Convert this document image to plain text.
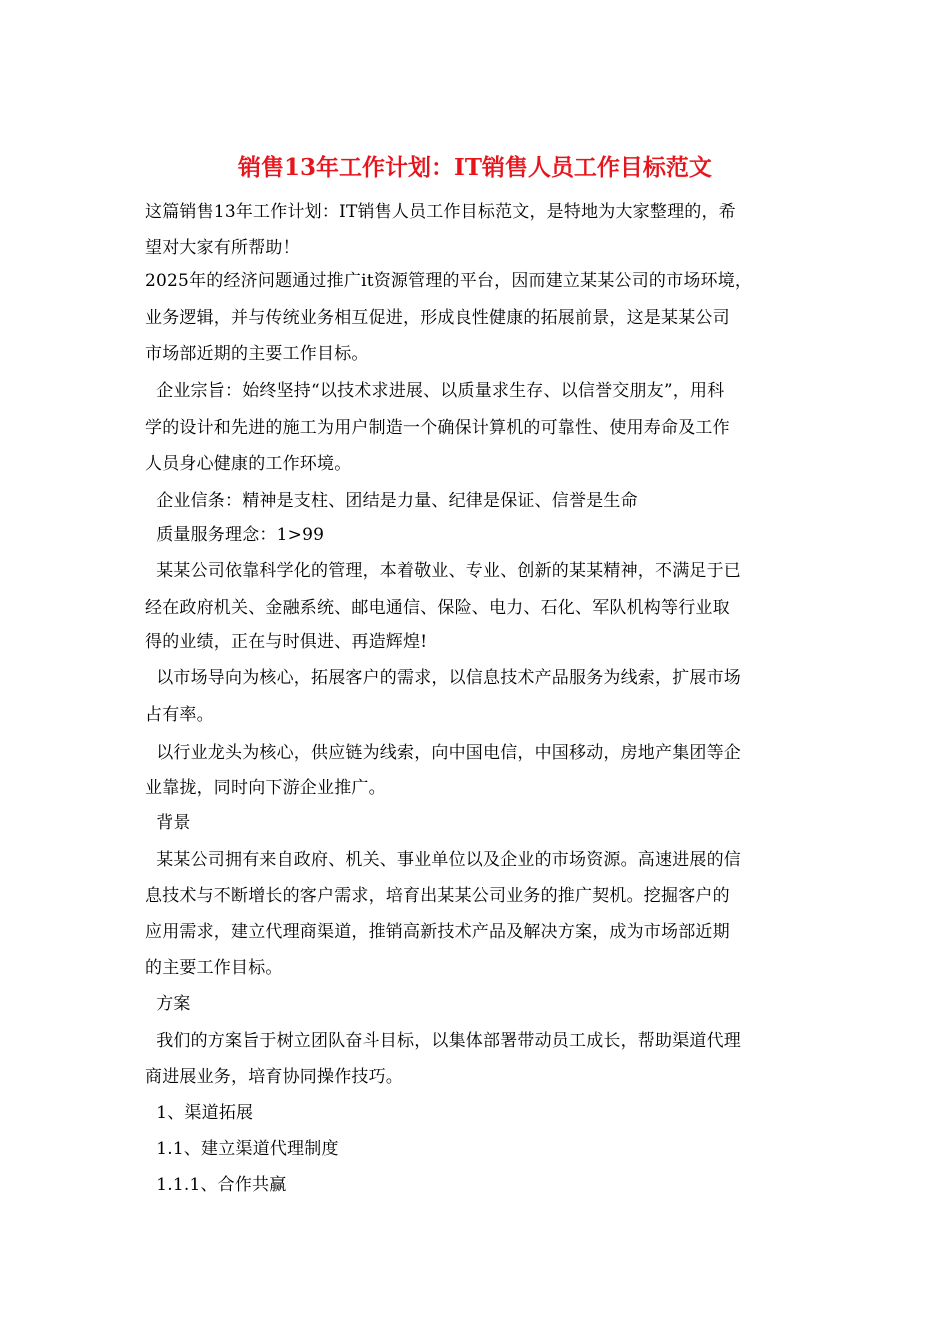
销售13年工作计划：IT销售人员工作目标范文
这篇销售13年工作计划：IT销售人员工作目标范文，是特地为大家整理的，希
望对大家有所帮助！
2025年的经济问题通过推广it资源管理的平台，因而建立某某公司的市场环境，
业务逻辑，并与传统业务相互促进，形成良性健康的拓展前景，这是某某公司
市场部近期的主要工作目标。
企业宗旨：始终坚持“以技术求进展、以质量求生存、以信誉交朋友”，用科
学的设计和先进的施工为用户制造一个确保计算机的可靠性、使用寿命及工作
人员身心健康的工作环境。
企业信条：精神是支柱、团结是力量、纪律是保证、信誉是生命
质量服务理念：1>99
某某公司依靠科学化的管理，本着敬业、专业、创新的某某精神，不满足于已
经在政府机关、金融系统、邮电通信、保险、电力、石化、军队机构等行业取
得的业绩，正在与时俱进、再造辉煌!
以市场导向为核心，拓展客户的需求，以信息技术产品服务为线索，扩展市场
占有率。
以行业龙头为核心，供应链为线索，向中国电信，中国移动，房地产集团等企
业靠拢，同时向下游企业推广。
背景
某某公司拥有来自政府、机关、事业单位以及企业的市场资源。高速进展的信
息技术与不断增长的客户需求，培育出某某公司业务的推广契机。挖掘客户的
应用需求，建立代理商渠道，推销高新技术产品及解决方案，成为市场部近期
的主要工作目标。
方案
我们的方案旨于树立团队奋斗目标，以集体部署带动员工成长，帮助渠道代理
商进展业务，培育协同操作技巧。
1、渠道拓展
1.1、建立渠道代理制度
1.1.1、合作共赢
